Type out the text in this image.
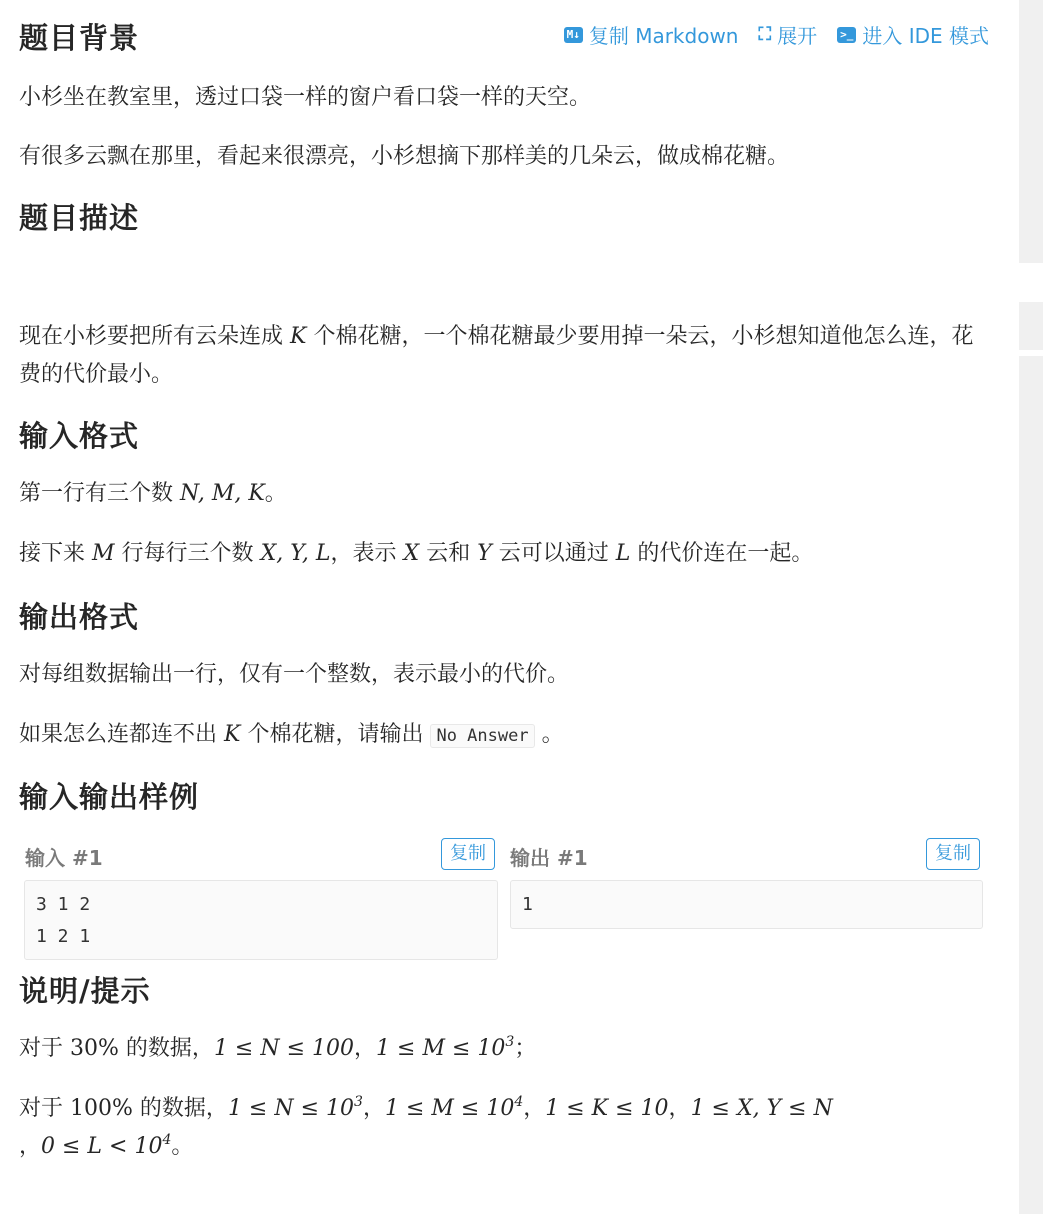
M↓ 复制 Markdown ⛶ 展开 >_ 进入 IDE 模式
题目背景

小杉坐在教室里，透过口袋一样的窗户看口袋一样的天空。

有很多云飘在那里，看起来很漂亮，小杉想摘下那样美的几朵云，做成棉花糖。

题目描述

现在小杉要把所有云朵连成 K 个棉花糖，一个棉花糖最少要用掉一朵云，小杉想知道他怎么连，花费的代价最小。

输入格式

第一行有三个数 N, M, K。

接下来 M 行每行三个数 X, Y, L，表示 X 云和 Y 云可以通过 L 的代价连在一起。

输出格式

对每组数据输出一行，仅有一个整数，表示最小的代价。

如果怎么连都连不出 K 个棉花糖，请输出 No Answer 。

输入输出样例
输入 #1	复制
3 1 2
1 2 1
输出 #1	复制
1
说明/提示

对于 30% 的数据，1 ≤ N ≤ 100，$1 \le M \le 10^3$；

对于 100% 的数据，$1 \le N \le 10^3$，$1 \le M \le 10^4$，1 ≤ K ≤ 10，1 ≤ X, Y ≤ N
，$0 \le L < 10^4$。
